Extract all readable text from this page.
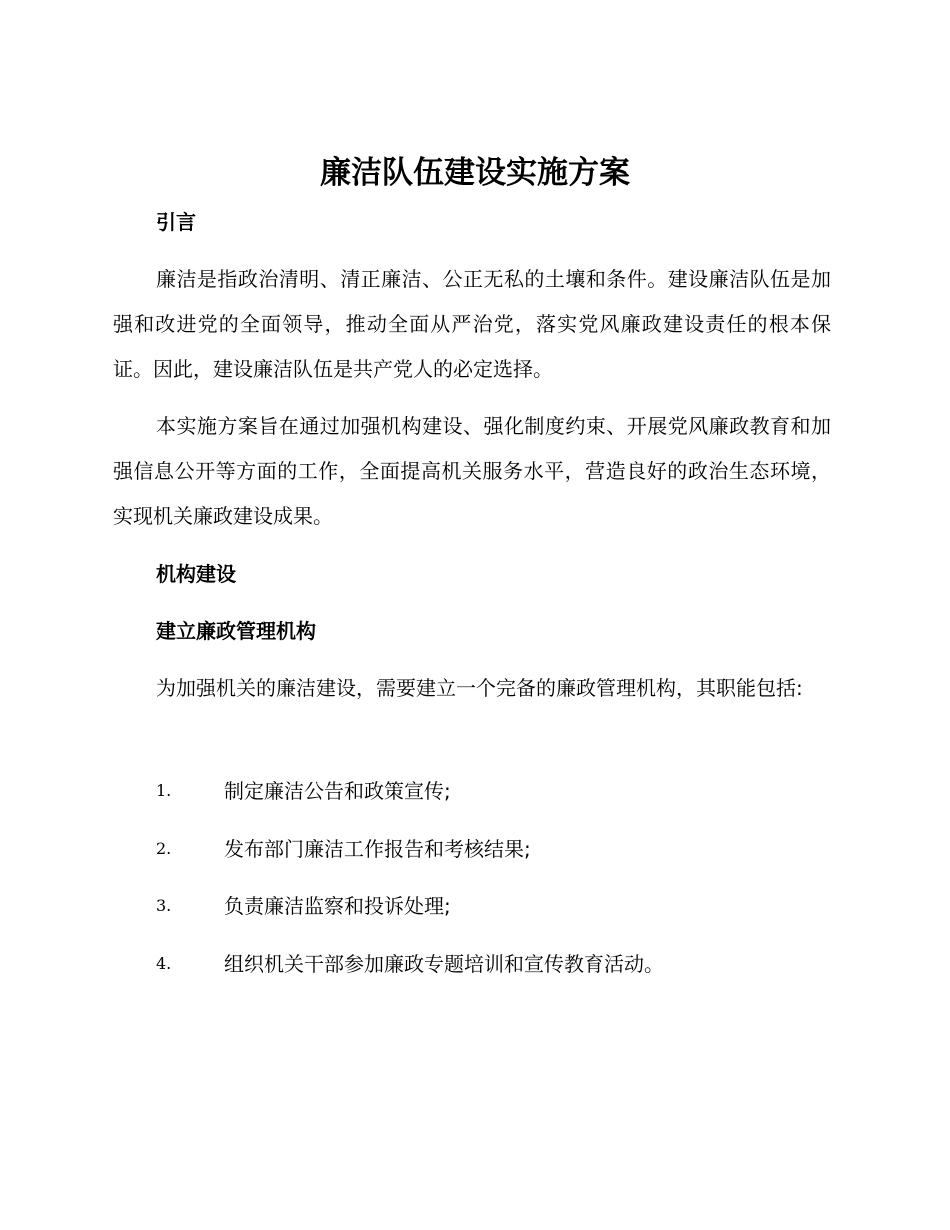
廉洁队伍建设实施方案
引言
廉洁是指政治清明、清正廉洁、公正无私的土壤和条件。建设廉洁队伍是加强和改进党的全面领导，推动全面从严治党，落实党风廉政建设责任的根本保证。因此，建设廉洁队伍是共产党人的必定选择。
本实施方案旨在通过加强机构建设、强化制度约束、开展党风廉政教育和加强信息公开等方面的工作，全面提高机关服务水平，营造良好的政治生态环境，实现机关廉政建设成果。
机构建设
建立廉政管理机构
为加强机关的廉洁建设，需要建立一个完备的廉政管理机构，其职能包括:
1.	制定廉洁公告和政策宣传;
2.	发布部门廉洁工作报告和考核结果;
3.	负责廉洁监察和投诉处理;
4.	组织机关干部参加廉政专题培训和宣传教育活动。
